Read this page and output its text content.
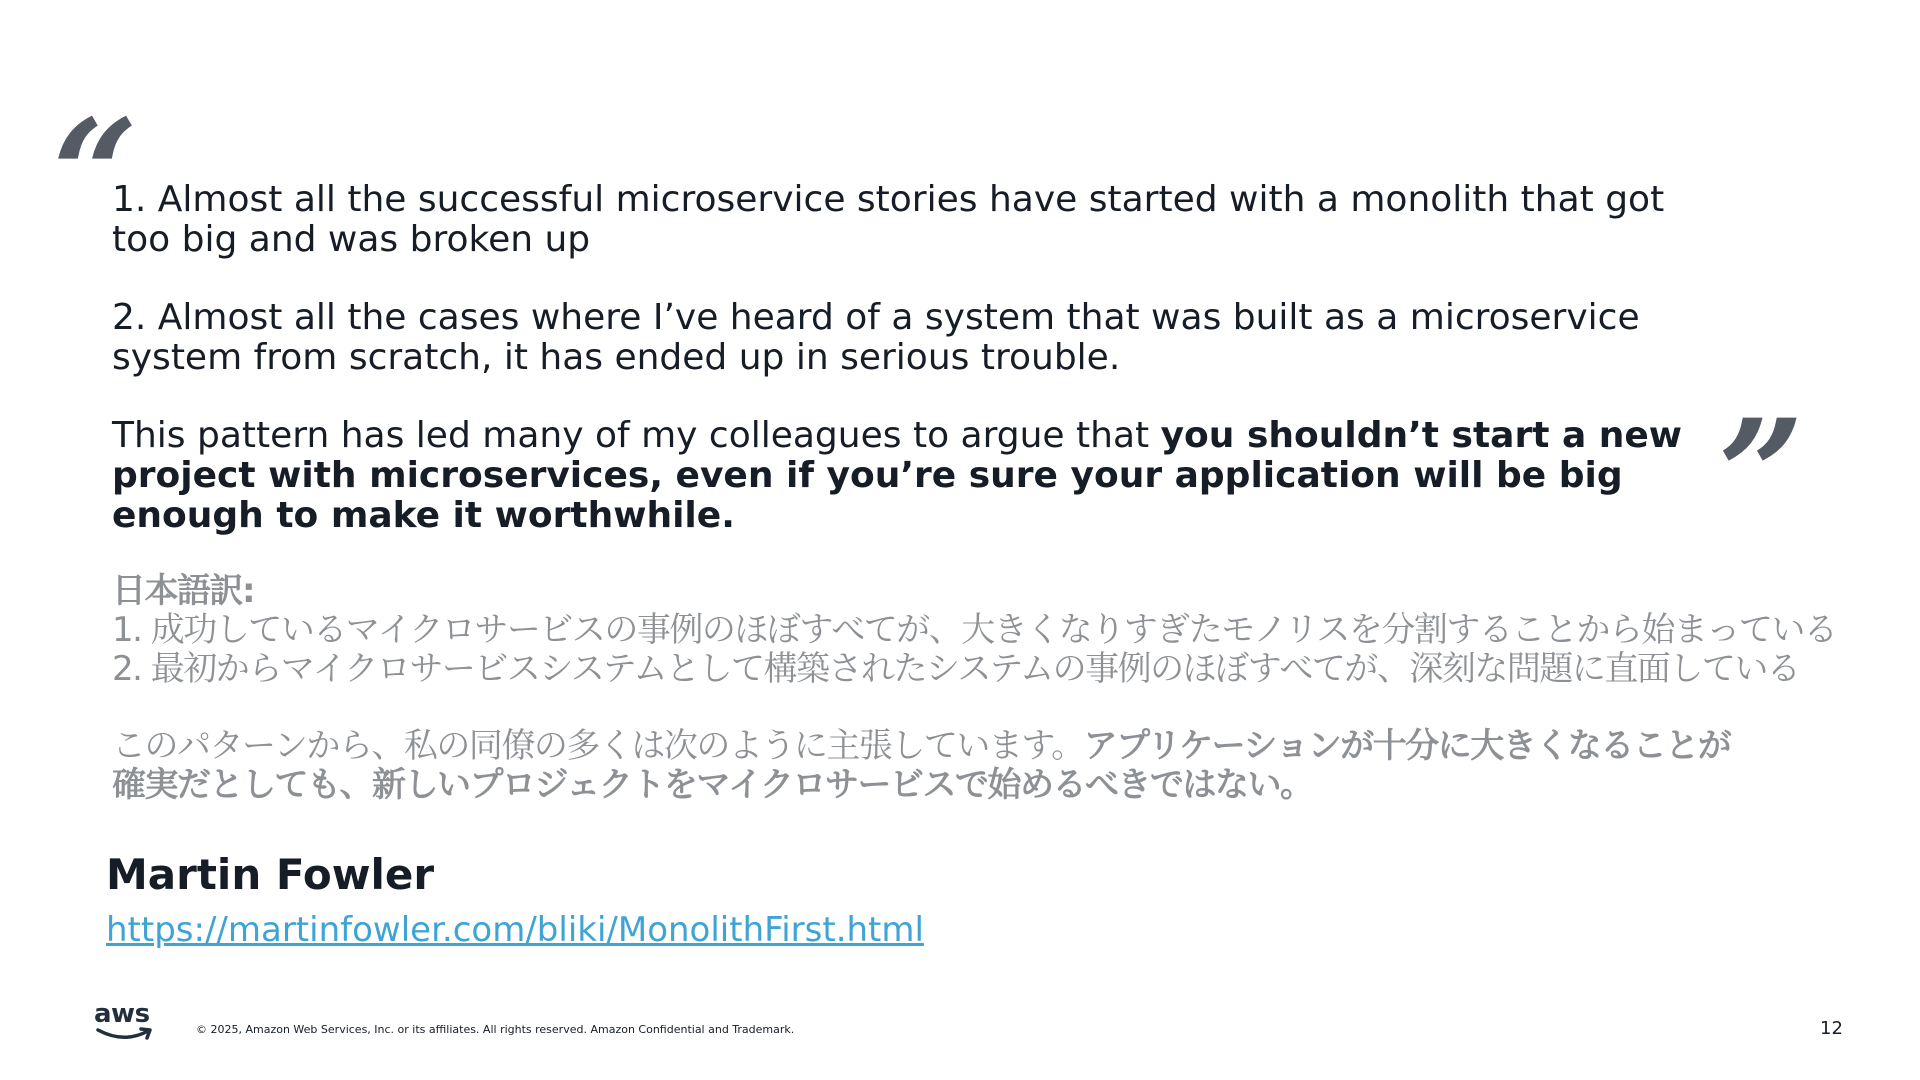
“
”

1. Almost all the successful microservice stories have started with a monolith that got too big and was broken up

2. Almost all the cases where I’ve heard of a system that was built as a microservice system from scratch, it has ended up in serious trouble.

This pattern has led many of my colleagues to argue that you shouldn’t start a new project with microservices, even if you’re sure your application will be big enough to make it worthwhile.

日本語訳:

1. 成功しているマイクロサービスの事例のほぼすべてが、大きくなりすぎたモノリスを分割することから始まっている

2. 最初からマイクロサービスシステムとして構築されたシステムの事例のほぼすべてが、深刻な問題に直面している

このパターンから、私の同僚の多くは次のように主張しています。アプリケーションが十分に大きくなることが確実だとしても、新しいプロジェクトをマイクロサービスで始めるべきではない。

Martin Fowler
https://martinfowler.com/bliki/MonolithFirst.html
aws
© 2025, Amazon Web Services, Inc. or its affiliates. All rights reserved. Amazon Confidential and Trademark.	12
